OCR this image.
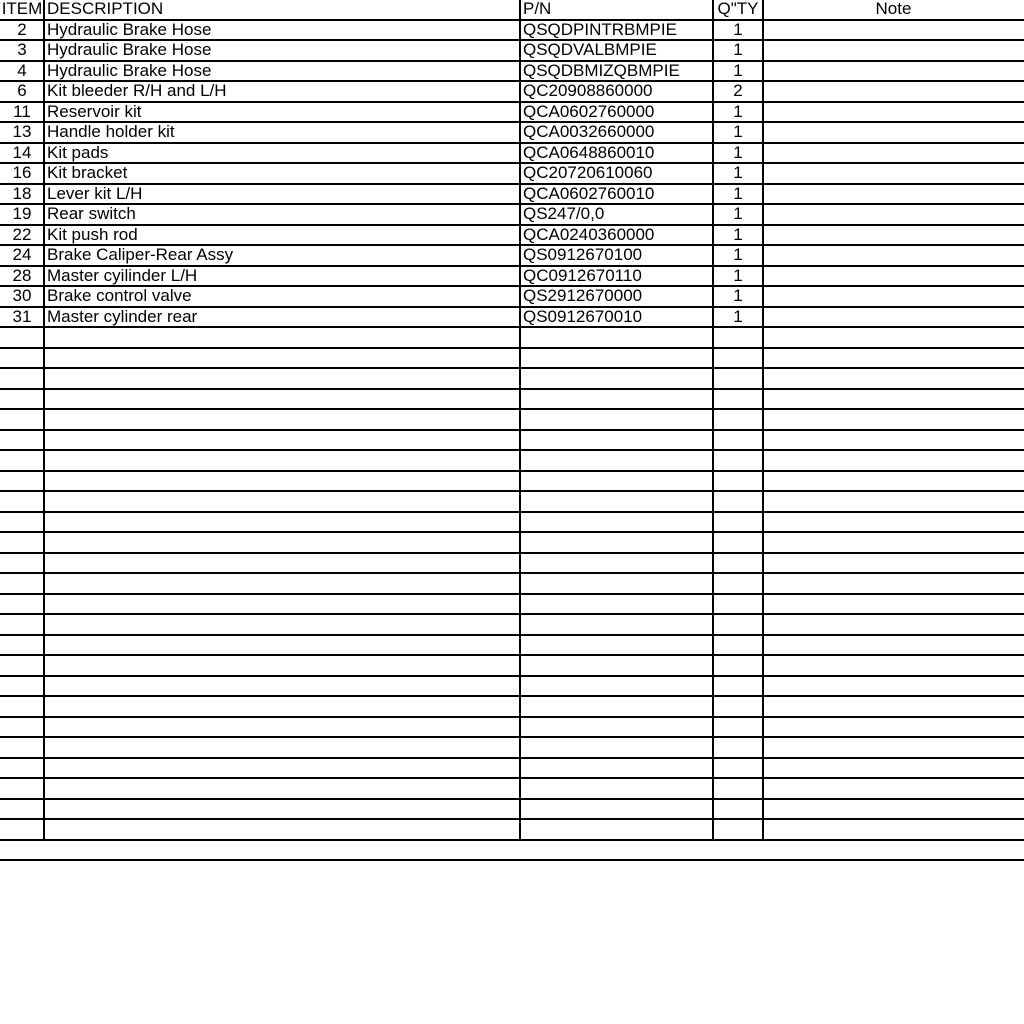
ITEM DESCRIPTION	P/N	Q"TY	Note
2	Hydraulic Brake Hose	QSQDPINTRBMPIE	1
3	Hydraulic Brake Hose	QSQDVALBMPIE	1
4	Hydraulic Brake Hose	QSQDBMIZQBMPIE	1
6	Kit bleeder R/H and L/H	QC20908860000	2
11 Reservoir kit	QCA0602760000	1
13 Handle holder kit	QCA0032660000	1
14 Kit pads	QCA0648860010	1
16 Kit bracket	QC20720610060	1
18 Lever kit L/H	QCA0602760010	1
19 Rear switch	QS247/0,0	1
22 Kit push rod	QCA0240360000	1
24 Brake Caliper-Rear Assy	QS0912670100	1
28 Master cyilinder L/H	QC0912670110	1
30 Brake control valve	QS2912670000	1
31 Master cylinder rear	QS0912670010	1
